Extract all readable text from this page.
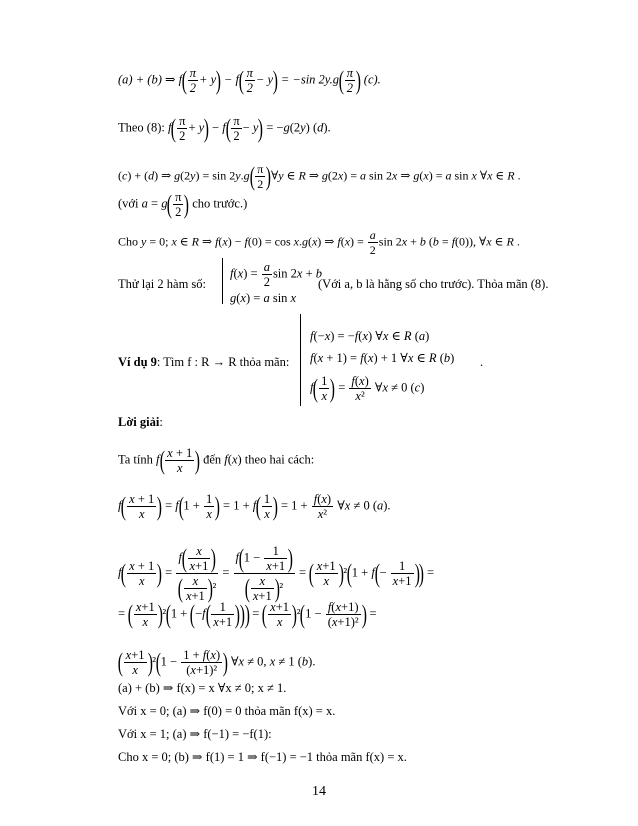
(a) + (b) ⇒ $f( \frac{\pi}{2} + y) - f( \frac{\pi}{2} - y) = -\sin$ $2y.g( \frac{\pi}{2}$ ) (c).
Theo (8): $f( \frac{\pi}{2} + y) - f( \frac{\pi}{2} - y) = -g(2y)$ (d).
(c) + (d) ⇒ $g(2y) = \sin 2y.g( \frac{\pi}{2}$ )∀y ∈ R ⇒ g(2x) = a sin 2x ⇒ g(x) = a sin x ∀x ∈ R .
(với $a = g( \frac{\pi}{2}$ ) cho trước.)
Cho y = 0; x ∈ R ⇒ f(x) − f(0) = cos x.g(x) ⇒ $f(x) = \frac{a}{2}$ sin 2x + b (b = f(0)), ∀x ∈ R .
Thử lại 2 hàm số:
$f(x) = \frac{a}{2}$ sin 2x + b
g(x) = a sin x
(Với a, b là hằng số cho trước). Thỏa mãn (8).
Ví dụ 9: Tìm f : R → R thỏa mãn:
f(−x) = −f(x) ∀x ∈ R (a)
f(x + 1) = f(x) + 1 ∀x ∈ R (b)
$f( \frac{1}{x}$ ) = $\frac{f(x)}{\text{x²}}$ ∀x ≠ 0 (c)
.
Lời giải:
Ta tính $f( \frac{x + 1}{x}$ ) đến f(x) theo hai cách:
$f( \frac{x + 1}{x}$ ) = $f(1 + \frac{1}{x}$ ) = $1 + f( \frac{1}{x}$ ) = $1 + \frac{f(x)}{\text{x²}}$ ∀x ≠ 0 (a).
$f( \frac{x + 1}{x}$ ) = $\frac{f( \frac{x}{x+1} )}{( \frac{x}{x+1} )^2} = \frac{f(1 - \frac{1}{x+1} )}{( \frac{x}{x+1} )^2}$ = ( $\frac{x+1}{x} )^2(1 + f(- \frac{1}{x+1}$ )) =
= ( $\frac{x+1}{x} )^2(1 + (-f( \frac{1}{x+1}$ ))) = ( $\frac{x+1}{x} )^2(1 - \frac{f(x+1)}{\text{(x+1)²}}$ ) =
( $\frac{x+1}{x} )^2(1 - \frac{1 + f(x)}{\text{(x+1)²}}$ ) ∀x ≠ 0, x ≠ 1 (b).
(a) + (b) ⇒ f(x) = x ∀x ≠ 0; x ≠ 1.
Với x = 0; (a) ⇒ f(0) = 0 thỏa mãn f(x) = x.
Với x = 1; (a) ⇒ f(−1) = −f(1):
Cho x = 0; (b) ⇒ f(1) = 1 ⇒ f(−1) = −1 thỏa mãn f(x) = x.
14
